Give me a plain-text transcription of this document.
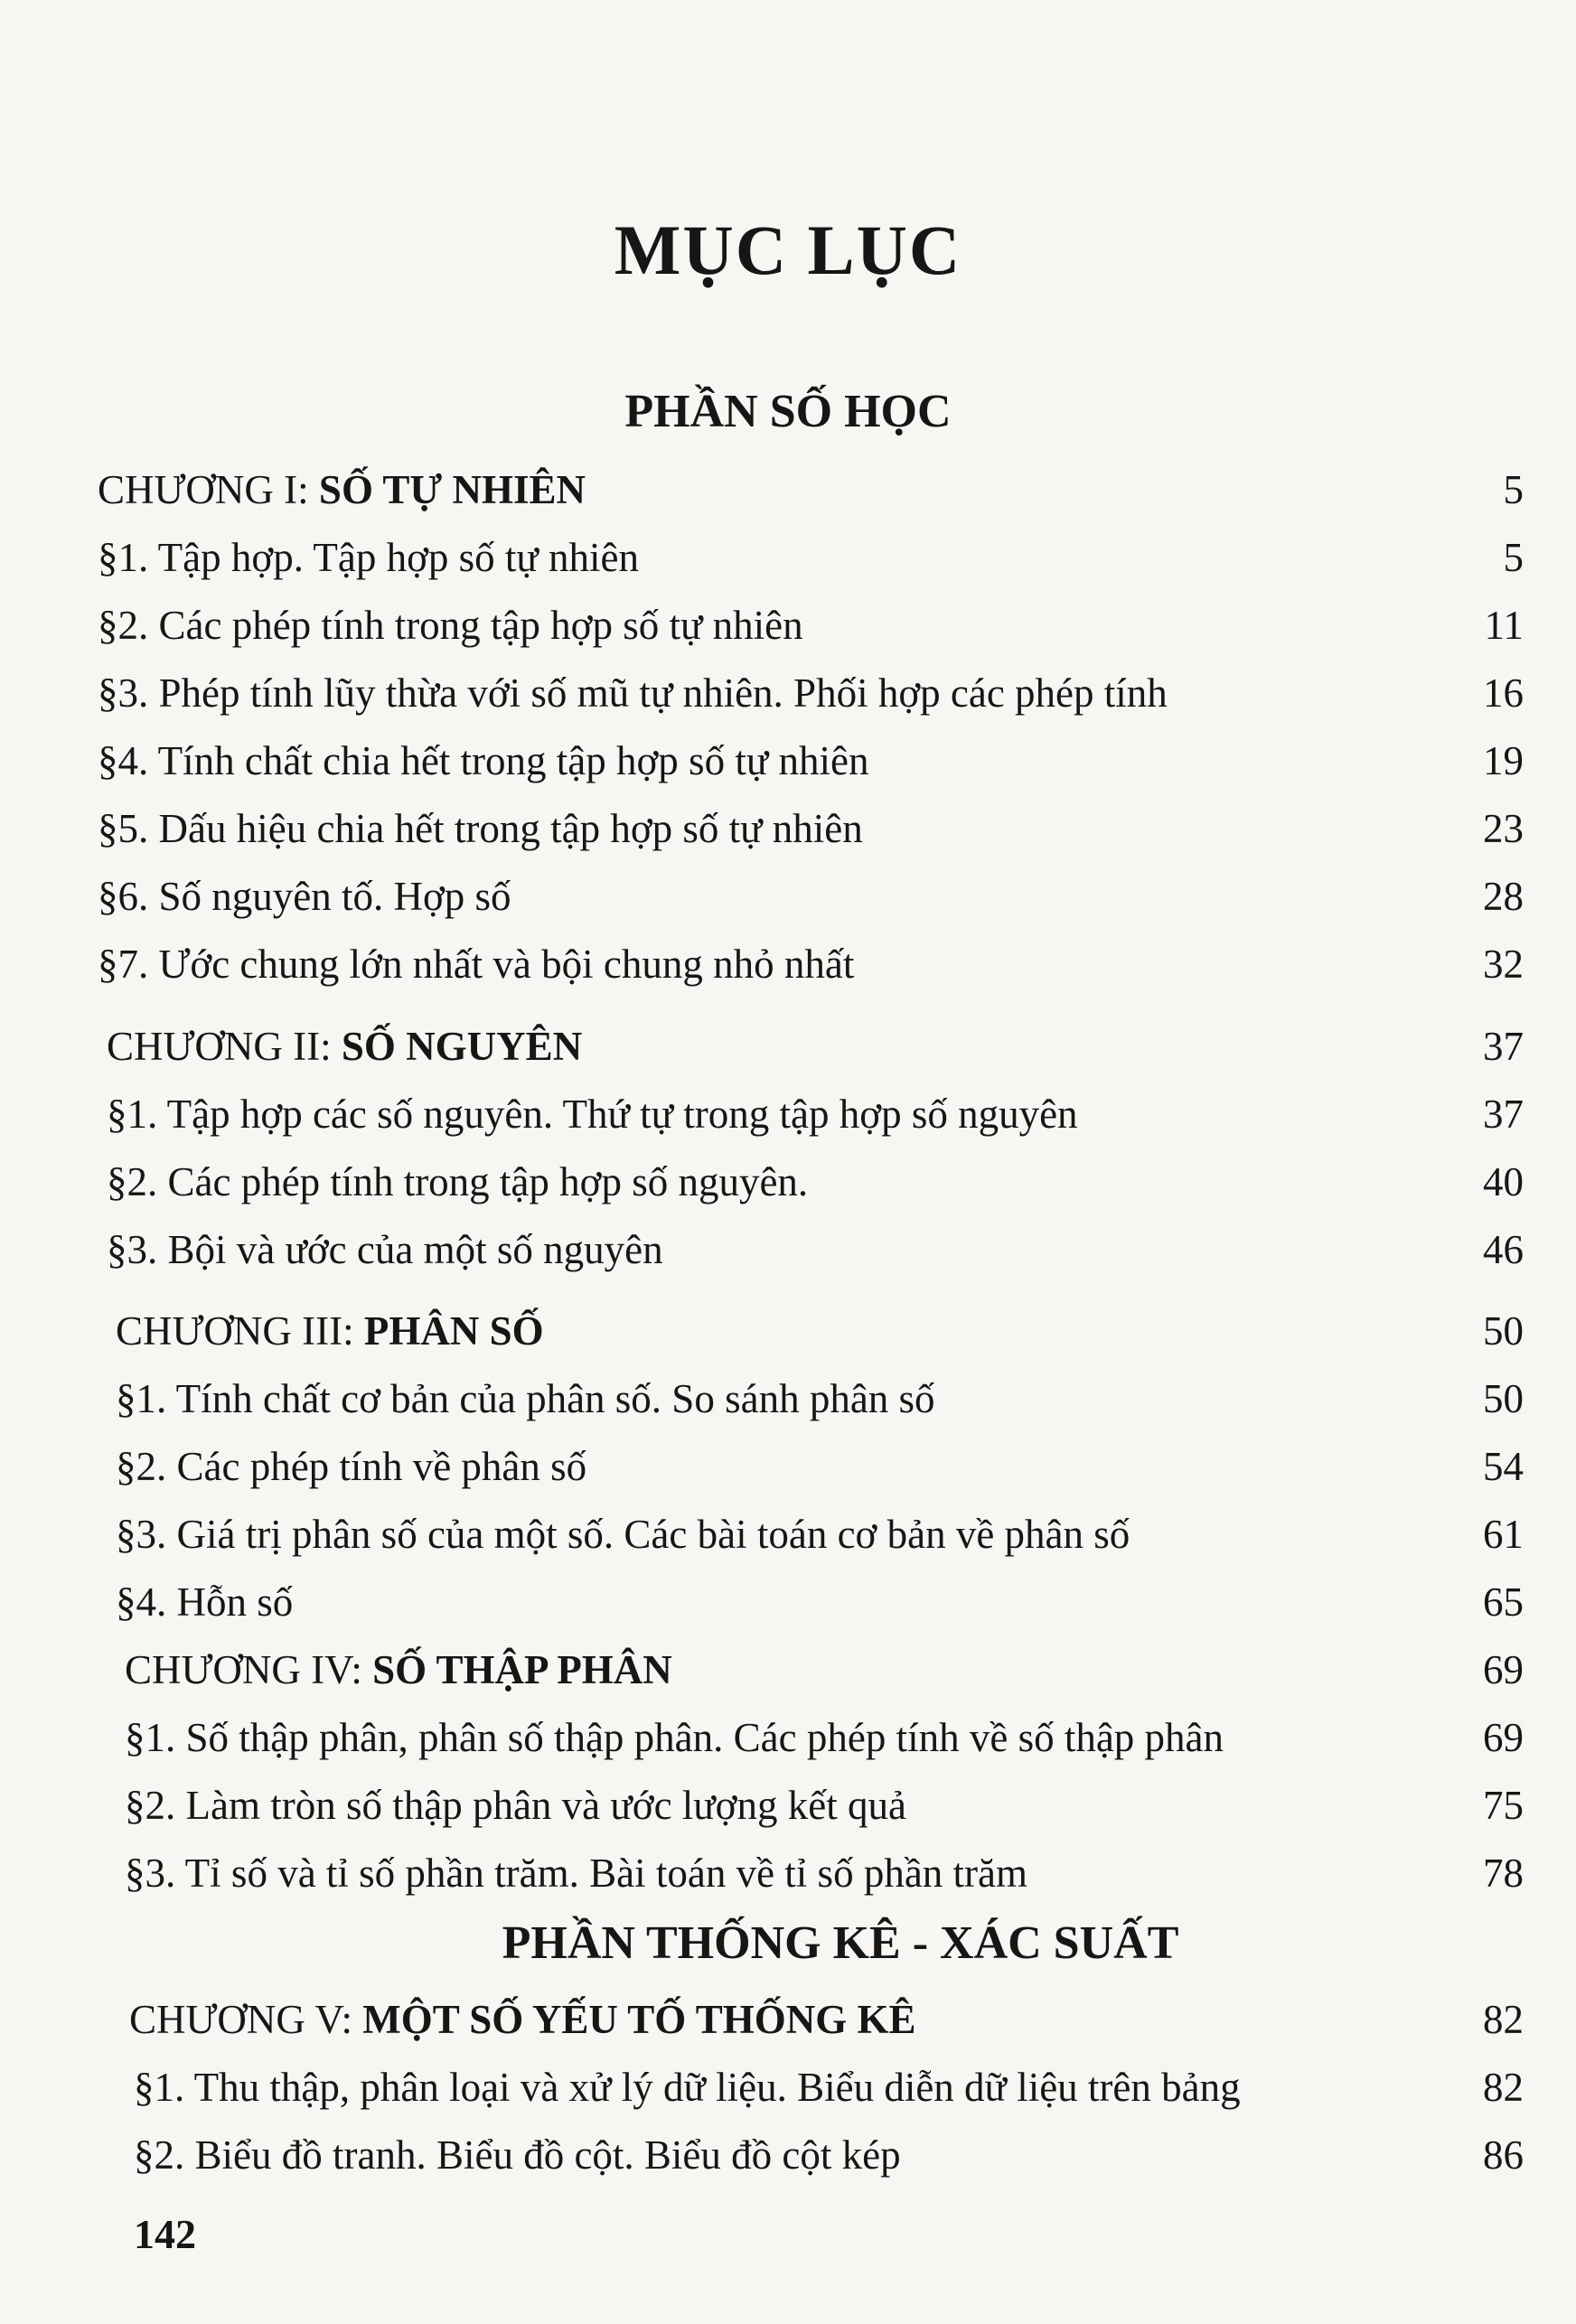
MỤC LỤC
PHẦN SỐ HỌC
CHƯƠNG I: SỐ TỰ NHIÊN	5
§1. Tập hợp. Tập hợp số tự nhiên	5
§2. Các phép tính trong tập hợp số tự nhiên	11
§3. Phép tính lũy thừa với số mũ tự nhiên. Phối hợp các phép tính	16
§4. Tính chất chia hết trong tập hợp số tự nhiên	19
§5. Dấu hiệu chia hết trong tập hợp số tự nhiên	23
§6. Số nguyên tố. Hợp số	28
§7. Ước chung lớn nhất và bội chung nhỏ nhất	32
CHƯƠNG II: SỐ NGUYÊN	37
§1. Tập hợp các số nguyên. Thứ tự trong tập hợp số nguyên	37
§2. Các phép tính trong tập hợp số nguyên.	40
§3. Bội và ước của một số nguyên	46
CHƯƠNG III: PHÂN SỐ	50
§1. Tính chất cơ bản của phân số. So sánh phân số	50
§2. Các phép tính về phân số	54
§3. Giá trị phân số của một số. Các bài toán cơ bản về phân số	61
§4. Hỗn số	65
CHƯƠNG IV: SỐ THẬP PHÂN	69
§1. Số thập phân, phân số thập phân. Các phép tính về số thập phân	69
§2. Làm tròn số thập phân và ước lượng kết quả	75
§3. Tỉ số và tỉ số phần trăm. Bài toán về tỉ số phần trăm	78
PHẦN THỐNG KÊ - XÁC SUẤT
CHƯƠNG V: MỘT SỐ YẾU TỐ THỐNG KÊ	82
§1. Thu thập, phân loại và xử lý dữ liệu. Biểu diễn dữ liệu trên bảng	82
§2. Biểu đồ tranh. Biểu đồ cột. Biểu đồ cột kép	86
142
